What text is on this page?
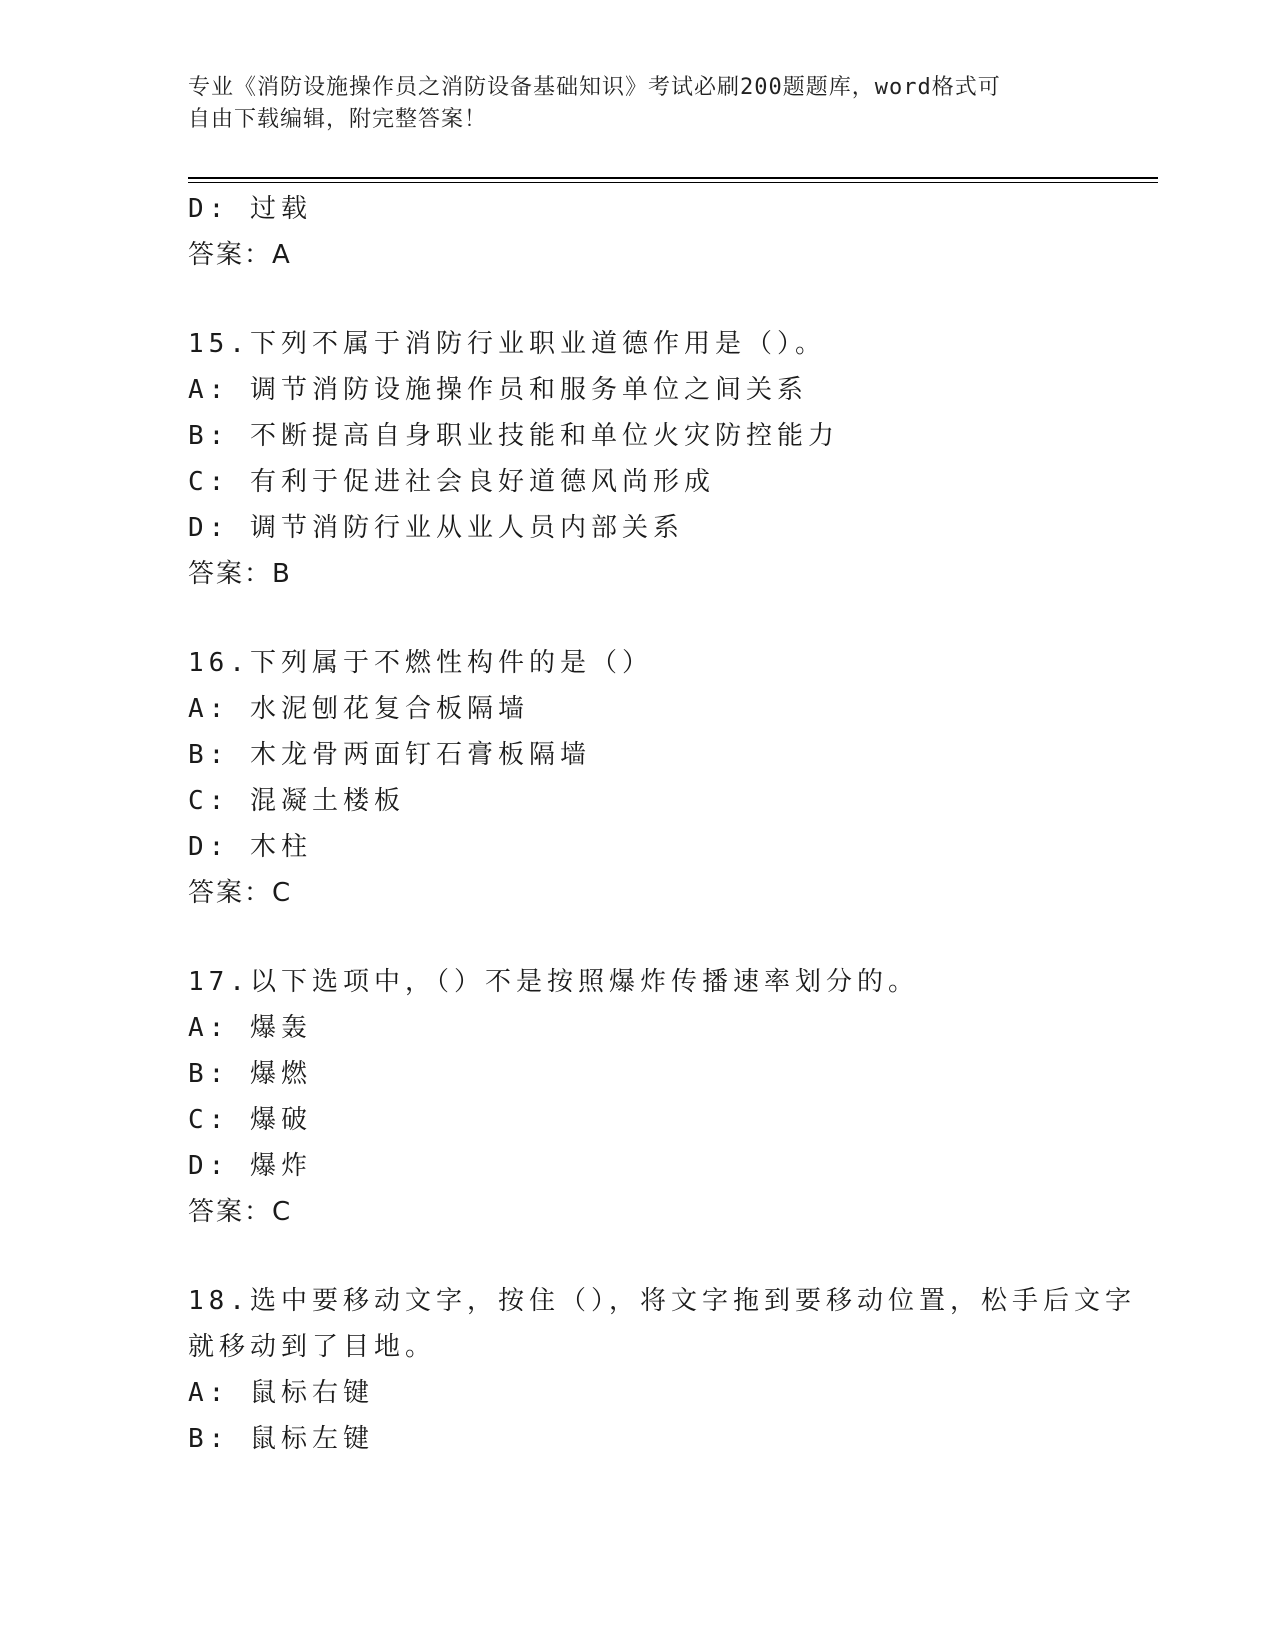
专业《消防设施操作员之消防设备基础知识》考试必刷200题题库，word格式可
自由下载编辑，附完整答案！
D: 过载
答案：A
15.下列不属于消防行业职业道德作用是（）。
A: 调节消防设施操作员和服务单位之间关系
B: 不断提高自身职业技能和单位火灾防控能力
C: 有利于促进社会良好道德风尚形成
D: 调节消防行业从业人员内部关系
答案：B
16.下列属于不燃性构件的是（）
A: 水泥刨花复合板隔墙
B: 木龙骨两面钉石膏板隔墙
C: 混凝土楼板
D: 木柱
答案：C
17.以下选项中，（）不是按照爆炸传播速率划分的。
A: 爆轰
B: 爆燃
C: 爆破
D: 爆炸
答案：C
18.选中要移动文字，按住（），将文字拖到要移动位置，松手后文字
就移动到了目地。
A: 鼠标右键
B: 鼠标左键
